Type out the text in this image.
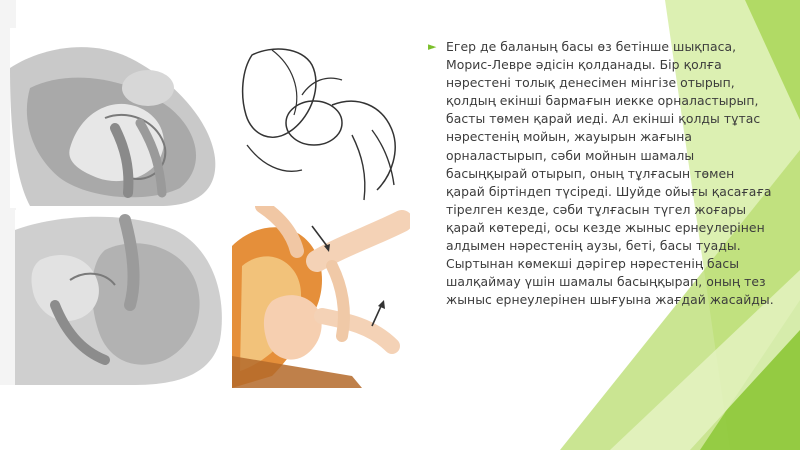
► Егер де баланың басы өз бетінше шықпаса, Морис-Левре әдісін қолданады. Бір қолға нәрестені толық денесімен мінгізе отырып, қолдың екінші бармағын иекке орналастырып, басты төмен қарай иеді. Ал екінші қолды тұтас нәрестенің мойын, жауырын жағына орналастырып, сәби мойнын шамалы басыңқырай отырып, оның тұлғасын төмен қарай біртіндеп түсіреді. Шуйде ойығы қасағаға тірелген кезде, сәби тұлғасын түгел жоғары қарай көтереді, осы кезде жыныс ернеулерінен алдымен нәрестенің аузы, беті, басы туады. Сыртынан көмекші дәрігер нәрестенің басы шалқаймау үшін шамалы басыңқырап, оның тез жыныс ернеулерінен шығуына жағдай жасайды.
